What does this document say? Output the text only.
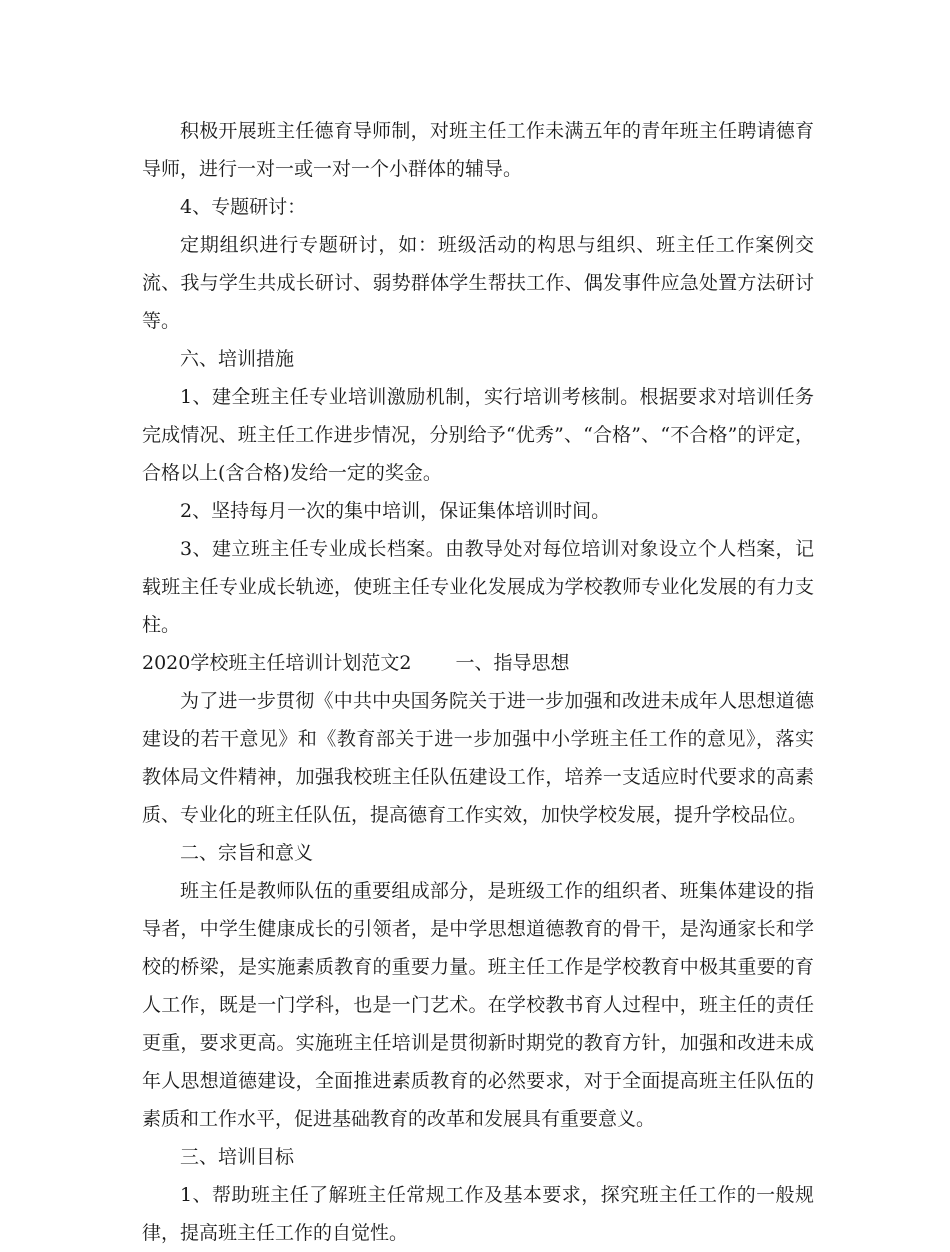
积极开展班主任德育导师制，对班主任工作未满五年的青年班主任聘请德育导师，进行一对一或一对一个小群体的辅导。

4、专题研讨：

定期组织进行专题研讨，如：班级活动的构思与组织、班主任工作案例交流、我与学生共成长研讨、弱势群体学生帮扶工作、偶发事件应急处置方法研讨等。

六、培训措施

1、建全班主任专业培训激励机制，实行培训考核制。根据要求对培训任务完成情况、班主任工作进步情况，分别给予“优秀”、“合格”、“不合格”的评定，合格以上(含合格)发给一定的奖金。

2、坚持每月一次的集中培训，保证集体培训时间。

3、建立班主任专业成长档案。由教导处对每位培训对象设立个人档案，记载班主任专业成长轨迹，使班主任专业化发展成为学校教师专业化发展的有力支柱。

2020学校班主任培训计划范文2 一、指导思想

为了进一步贯彻《中共中央国务院关于进一步加强和改进未成年人思想道德建设的若干意见》和《教育部关于进一步加强中小学班主任工作的意见》，落实教体局文件精神，加强我校班主任队伍建设工作，培养一支适应时代要求的高素质、专业化的班主任队伍，提高德育工作实效，加快学校发展，提升学校品位。

二、宗旨和意义

班主任是教师队伍的重要组成部分，是班级工作的组织者、班集体建设的指导者，中学生健康成长的引领者，是中学思想道德教育的骨干，是沟通家长和学校的桥梁，是实施素质教育的重要力量。班主任工作是学校教育中极其重要的育人工作，既是一门学科，也是一门艺术。在学校教书育人过程中，班主任的责任更重，要求更高。实施班主任培训是贯彻新时期党的教育方针，加强和改进未成年人思想道德建设，全面推进素质教育的必然要求，对于全面提高班主任队伍的素质和工作水平，促进基础教育的改革和发展具有重要意义。

三、培训目标

1、帮助班主任了解班主任常规工作及基本要求，探究班主任工作的一般规律，提高班主任工作的自觉性。
